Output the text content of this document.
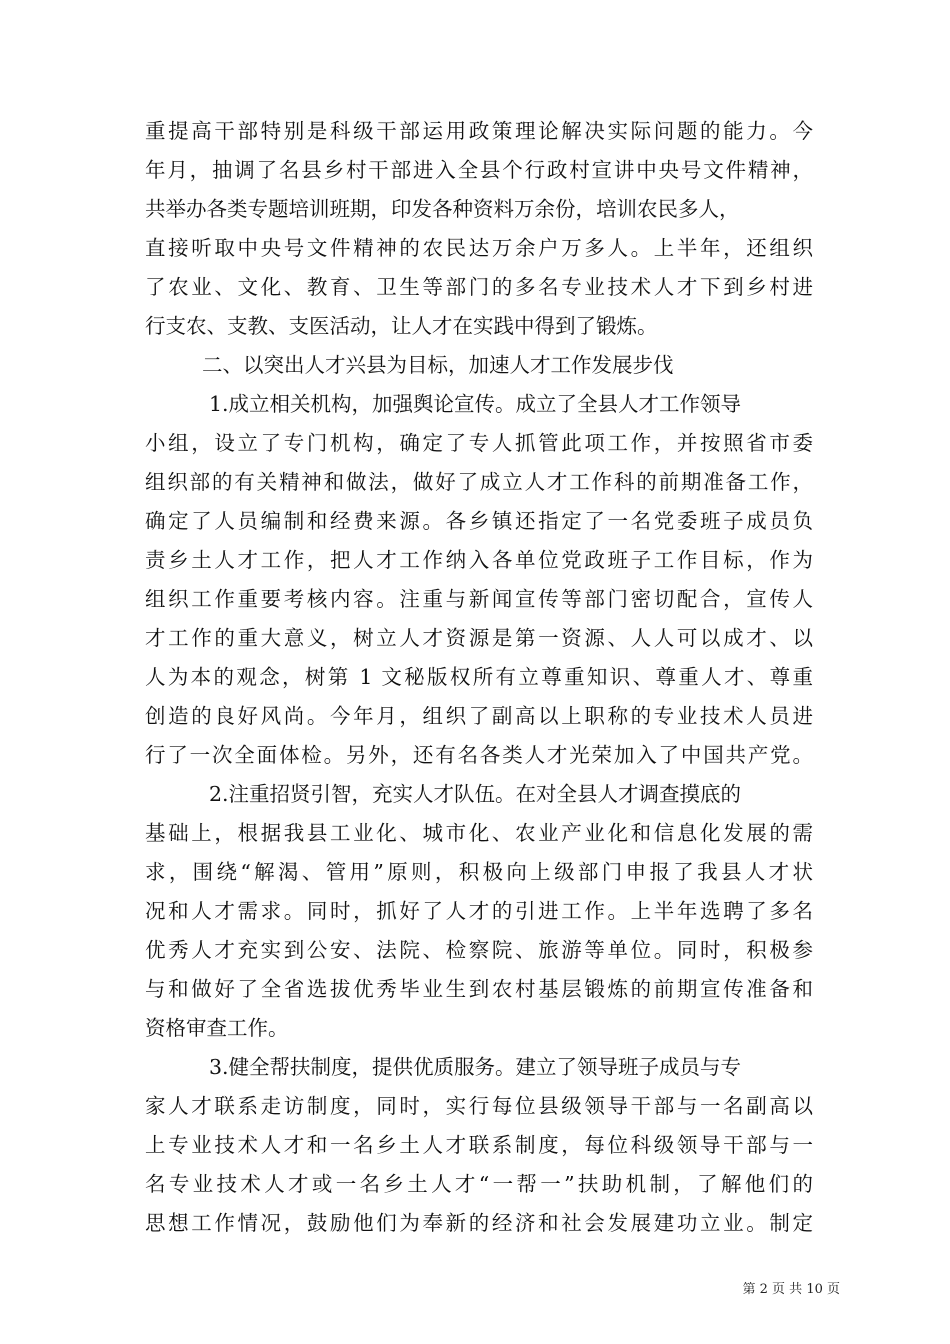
重提高干部特别是科级干部运用政策理论解决实际问题的能力。今
年月，抽调了名县乡村干部进入全县个行政村宣讲中央号文件精神，
共举办各类专题培训班期，印发各种资料万余份，培训农民多人，
直接听取中央号文件精神的农民达万余户万多人。上半年，还组织
了农业、文化、教育、卫生等部门的多名专业技术人才下到乡村进
行支农、支教、支医活动，让人才在实践中得到了锻炼。
二、以突出人才兴县为目标，加速人才工作发展步伐
1.成立相关机构，加强舆论宣传。成立了全县人才工作领导
小组，设立了专门机构，确定了专人抓管此项工作，并按照省市委
组织部的有关精神和做法，做好了成立人才工作科的前期准备工作，
确定了人员编制和经费来源。各乡镇还指定了一名党委班子成员负
责乡土人才工作，把人才工作纳入各单位党政班子工作目标，作为
组织工作重要考核内容。注重与新闻宣传等部门密切配合，宣传人
才工作的重大意义，树立人才资源是第一资源、人人可以成才、以
人为本的观念，树第 1 文秘版权所有立尊重知识、尊重人才、尊重
创造的良好风尚。今年月，组织了副高以上职称的专业技术人员进
行了一次全面体检。另外，还有名各类人才光荣加入了中国共产党。
2.注重招贤引智，充实人才队伍。在对全县人才调查摸底的
基础上，根据我县工业化、城市化、农业产业化和信息化发展的需
求，围绕“解渴、管用”原则，积极向上级部门申报了我县人才状
况和人才需求。同时，抓好了人才的引进工作。上半年选聘了多名
优秀人才充实到公安、法院、检察院、旅游等单位。同时，积极参
与和做好了全省选拔优秀毕业生到农村基层锻炼的前期宣传准备和
资格审查工作。
3.健全帮扶制度，提供优质服务。建立了领导班子成员与专
家人才联系走访制度，同时，实行每位县级领导干部与一名副高以
上专业技术人才和一名乡土人才联系制度，每位科级领导干部与一
名专业技术人才或一名乡土人才“一帮一”扶助机制，了解他们的
思想工作情况，鼓励他们为奉新的经济和社会发展建功立业。制定
第 2 页 共 10 页
